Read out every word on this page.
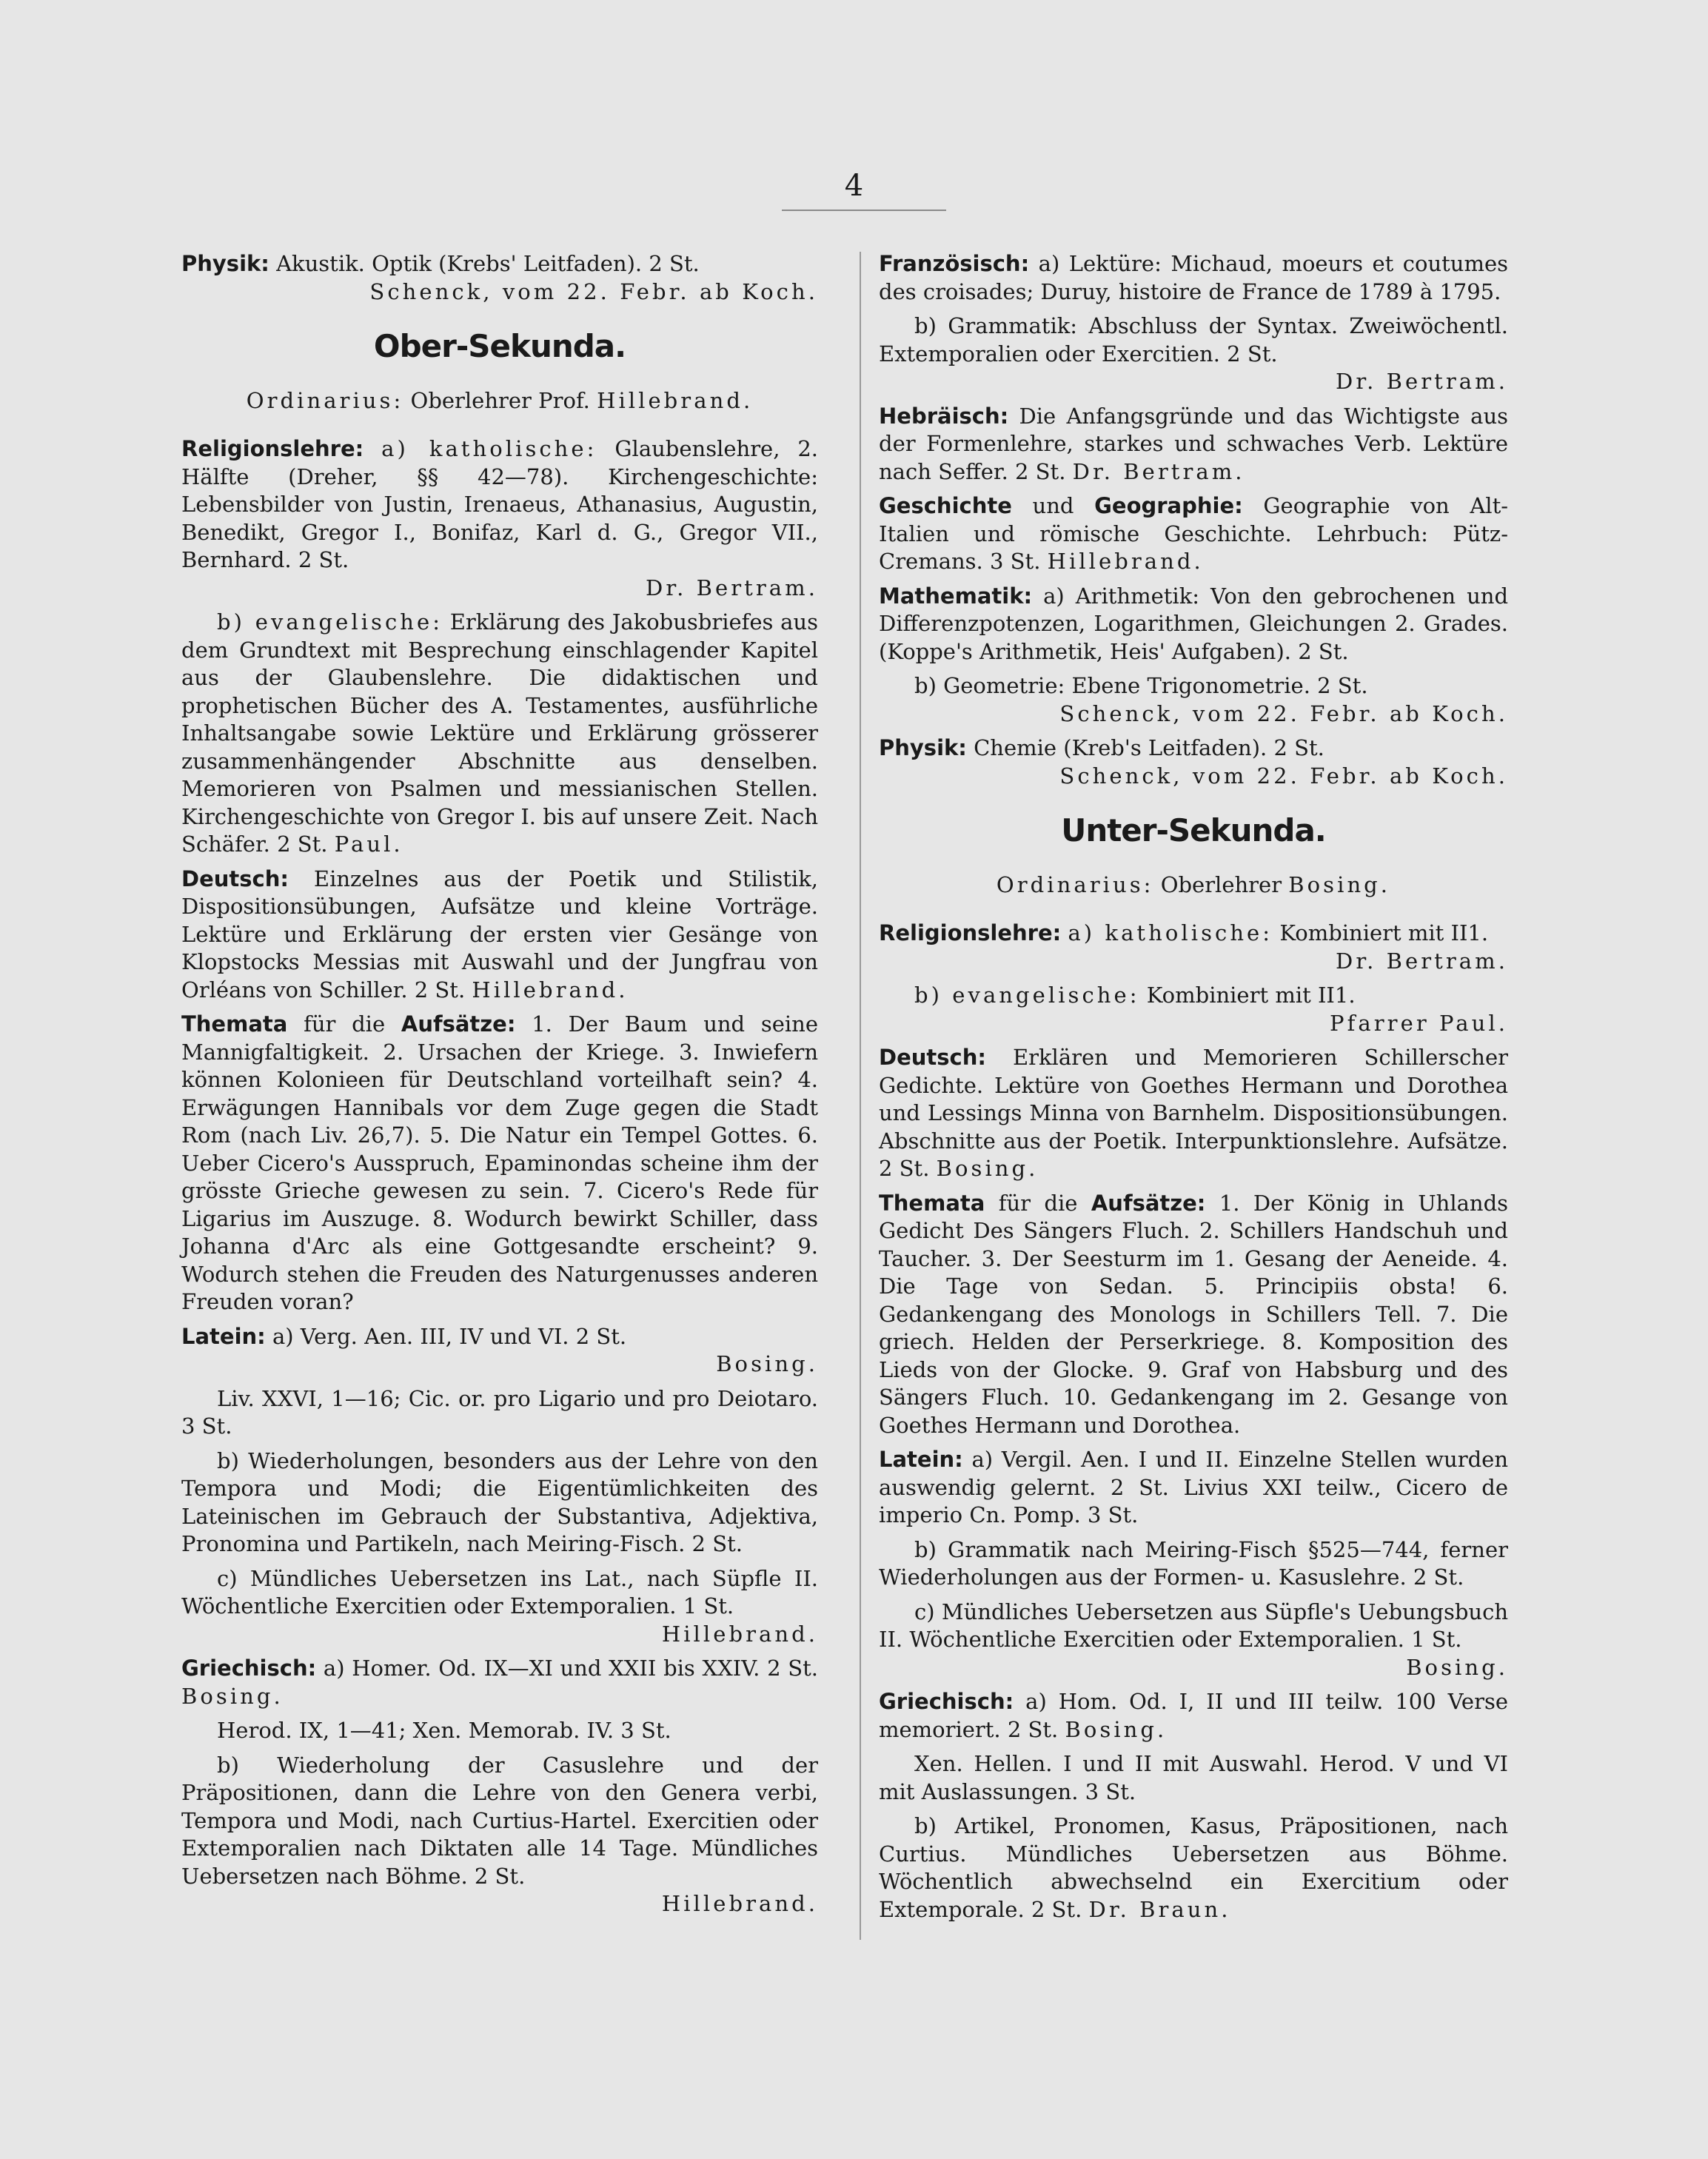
4

Physik: Akustik. Optik (Krebs' Leitfaden). 2 St.
Schenck, vom 22. Febr. ab Koch.

Ober-Sekunda.

Ordinarius: Oberlehrer Prof. Hillebrand.

Religionslehre: a) katholische: Glaubenslehre, 2. Hälfte (Dreher, §§ 42—78). Kirchengeschichte: Lebensbilder von Justin, Irenaeus, Athanasius, Augustin, Benedikt, Gregor I., Bonifaz, Karl d. G., Gregor VII., Bernhard. 2 St.
Dr. Bertram.

b) evangelische: Erklärung des Jakobusbriefes aus dem Grundtext mit Besprechung einschlagender Kapitel aus der Glaubenslehre. Die didaktischen und prophetischen Bücher des A. Testamentes, ausführliche Inhaltsangabe sowie Lektüre und Erklärung grösserer zusammenhängender Abschnitte aus denselben. Memorieren von Psalmen und messianischen Stellen. Kirchengeschichte von Gregor I. bis auf unsere Zeit. Nach Schäfer. 2 St. Paul.

Deutsch: Einzelnes aus der Poetik und Stilistik, Dispositionsübungen, Aufsätze und kleine Vorträge. Lektüre und Erklärung der ersten vier Gesänge von Klopstocks Messias mit Auswahl und der Jungfrau von Orléans von Schiller. 2 St. Hillebrand.

Themata für die Aufsätze: 1. Der Baum und seine Mannigfaltigkeit. 2. Ursachen der Kriege. 3. Inwiefern können Kolonieen für Deutschland vorteilhaft sein? 4. Erwägungen Hannibals vor dem Zuge gegen die Stadt Rom (nach Liv. 26,7). 5. Die Natur ein Tempel Gottes. 6. Ueber Cicero's Ausspruch, Epaminondas scheine ihm der grösste Grieche gewesen zu sein. 7. Cicero's Rede für Ligarius im Auszuge. 8. Wodurch bewirkt Schiller, dass Johanna d'Arc als eine Gottgesandte erscheint? 9. Wodurch stehen die Freuden des Naturgenusses anderen Freuden voran?

Latein: a) Verg. Aen. III, IV und VI. 2 St.
Bosing.

Liv. XXVI, 1—16; Cic. or. pro Ligario und pro Deiotaro. 3 St.

b) Wiederholungen, besonders aus der Lehre von den Tempora und Modi; die Eigentümlichkeiten des Lateinischen im Gebrauch der Substantiva, Adjektiva, Pronomina und Partikeln, nach Meiring-Fisch. 2 St.

c) Mündliches Uebersetzen ins Lat., nach Süpfle II. Wöchentliche Exercitien oder Extemporalien. 1 St.
Hillebrand.

Griechisch: a) Homer. Od. IX—XI und XXII bis XXIV. 2 St. Bosing.

Herod. IX, 1—41; Xen. Memorab. IV. 3 St.

b) Wiederholung der Casuslehre und der Präpositionen, dann die Lehre von den Genera verbi, Tempora und Modi, nach Curtius-Hartel. Exercitien oder Extemporalien nach Diktaten alle 14 Tage. Mündliches Uebersetzen nach Böhme. 2 St.
Hillebrand.

Französisch: a) Lektüre: Michaud, moeurs et coutumes des croisades; Duruy, histoire de France de 1789 à 1795.

b) Grammatik: Abschluss der Syntax. Zweiwöchentl. Extemporalien oder Exercitien. 2 St.
Dr. Bertram.

Hebräisch: Die Anfangsgründe und das Wichtigste aus der Formenlehre, starkes und schwaches Verb. Lektüre nach Seffer. 2 St. Dr. Bertram.

Geschichte und Geographie: Geographie von Alt-Italien und römische Geschichte. Lehrbuch: Pütz-Cremans. 3 St. Hillebrand.

Mathematik: a) Arithmetik: Von den gebrochenen und Differenzpotenzen, Logarithmen, Gleichungen 2. Grades. (Koppe's Arithmetik, Heis' Aufgaben). 2 St.

b) Geometrie: Ebene Trigonometrie. 2 St.
Schenck, vom 22. Febr. ab Koch.

Physik: Chemie (Kreb's Leitfaden). 2 St.
Schenck, vom 22. Febr. ab Koch.

Unter-Sekunda.

Ordinarius: Oberlehrer Bosing.

Religionslehre: a) katholische: Kombiniert mit II1.
Dr. Bertram.

b) evangelische: Kombiniert mit II1.
Pfarrer Paul.

Deutsch: Erklären und Memorieren Schillerscher Gedichte. Lektüre von Goethes Hermann und Dorothea und Lessings Minna von Barnhelm. Dispositionsübungen. Abschnitte aus der Poetik. Interpunktionslehre. Aufsätze. 2 St. Bosing.

Themata für die Aufsätze: 1. Der König in Uhlands Gedicht Des Sängers Fluch. 2. Schillers Handschuh und Taucher. 3. Der Seesturm im 1. Gesang der Aeneide. 4. Die Tage von Sedan. 5. Principiis obsta! 6. Gedankengang des Monologs in Schillers Tell. 7. Die griech. Helden der Perserkriege. 8. Komposition des Lieds von der Glocke. 9. Graf von Habsburg und des Sängers Fluch. 10. Gedankengang im 2. Gesange von Goethes Hermann und Dorothea.

Latein: a) Vergil. Aen. I und II. Einzelne Stellen wurden auswendig gelernt. 2 St. Livius XXI teilw., Cicero de imperio Cn. Pomp. 3 St.

b) Grammatik nach Meiring-Fisch §525—744, ferner Wiederholungen aus der Formen- u. Kasuslehre. 2 St.

c) Mündliches Uebersetzen aus Süpfle's Uebungsbuch II. Wöchentliche Exercitien oder Extemporalien. 1 St.
Bosing.

Griechisch: a) Hom. Od. I, II und III teilw. 100 Verse memoriert. 2 St. Bosing.

Xen. Hellen. I und II mit Auswahl. Herod. V und VI mit Auslassungen. 3 St.

b) Artikel, Pronomen, Kasus, Präpositionen, nach Curtius. Mündliches Uebersetzen aus Böhme. Wöchentlich abwechselnd ein Exercitium oder Extemporale. 2 St. Dr. Braun.
